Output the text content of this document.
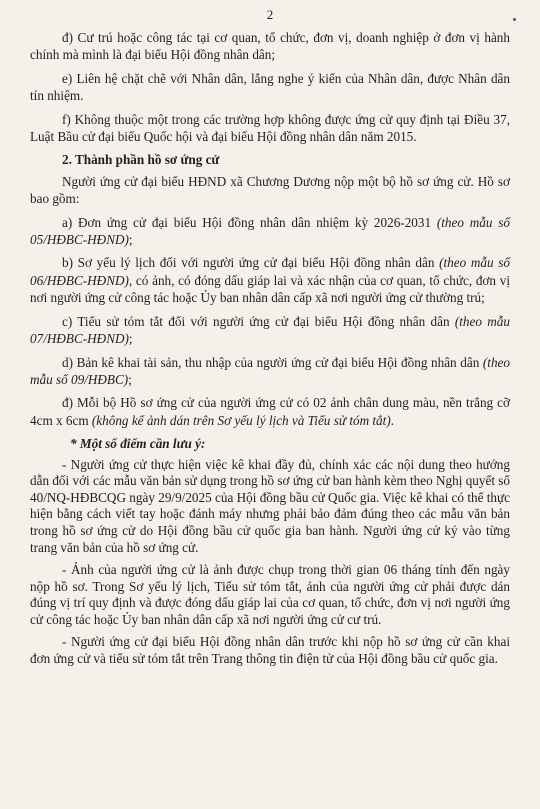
2

đ) Cư trú hoặc công tác tại cơ quan, tổ chức, đơn vị, doanh nghiệp ở đơn vị hành chính mà mình là đại biểu Hội đồng nhân dân;

e) Liên hệ chặt chẽ với Nhân dân, lắng nghe ý kiến của Nhân dân, được Nhân dân tín nhiệm.

f) Không thuộc một trong các trường hợp không được ứng cử quy định tại Điều 37, Luật Bầu cử đại biểu Quốc hội và đại biểu Hội đồng nhân dân năm 2015.

2. Thành phần hồ sơ ứng cử

Người ứng cử đại biểu HĐND xã Chương Dương nộp một bộ hồ sơ ứng cử. Hồ sơ bao gồm:

a) Đơn ứng cử đại biểu Hội đồng nhân dân nhiệm kỳ 2026-2031 (theo mẫu số 05/HĐBC-HĐND);

b) Sơ yếu lý lịch đối với người ứng cử đại biểu Hội đồng nhân dân (theo mẫu số 06/HĐBC-HĐND), có ảnh, có đóng dấu giáp lai và xác nhận của cơ quan, tổ chức, đơn vị nơi người ứng cử công tác hoặc Ủy ban nhân dân cấp xã nơi người ứng cử thường trú;

c) Tiểu sử tóm tắt đối với người ứng cử đại biểu Hội đồng nhân dân (theo mẫu 07/HĐBC-HĐND);

d) Bản kê khai tài sản, thu nhập của người ứng cử đại biểu Hội đồng nhân dân (theo mẫu số 09/HĐBC);

đ) Mỗi bộ Hồ sơ ứng cử của người ứng cử có 02 ảnh chân dung màu, nền trắng cỡ 4cm x 6cm (không kể ảnh dán trên Sơ yếu lý lịch và Tiểu sử tóm tắt).

* Một số điểm cần lưu ý:

- Người ứng cử thực hiện việc kê khai đầy đủ, chính xác các nội dung theo hướng dẫn đối với các mẫu văn bản sử dụng trong hồ sơ ứng cử ban hành kèm theo Nghị quyết số 40/NQ-HĐBCQG ngày 29/9/2025 của Hội đồng bầu cử Quốc gia. Việc kê khai có thể thực hiện bằng cách viết tay hoặc đánh máy nhưng phải bảo đảm đúng theo các mẫu văn bản trong hồ sơ ứng cử do Hội đồng bầu cử quốc gia ban hành. Người ứng cử ký vào từng trang văn bản của hồ sơ ứng cử.

- Ảnh của người ứng cử là ảnh được chụp trong thời gian 06 tháng tính đến ngày nộp hồ sơ. Trong Sơ yếu lý lịch, Tiểu sử tóm tắt, ảnh của người ứng cử phải được dán đúng vị trí quy định và được đóng dấu giáp lai của cơ quan, tổ chức, đơn vị nơi người ứng cử công tác hoặc Ủy ban nhân dân cấp xã nơi người ứng cử cư trú.

- Người ứng cử đại biểu Hội đồng nhân dân trước khi nộp hồ sơ ứng cử cần khai đơn ứng cử và tiểu sử tóm tắt trên Trang thông tin điện tử của Hội đồng bầu cử quốc gia.
